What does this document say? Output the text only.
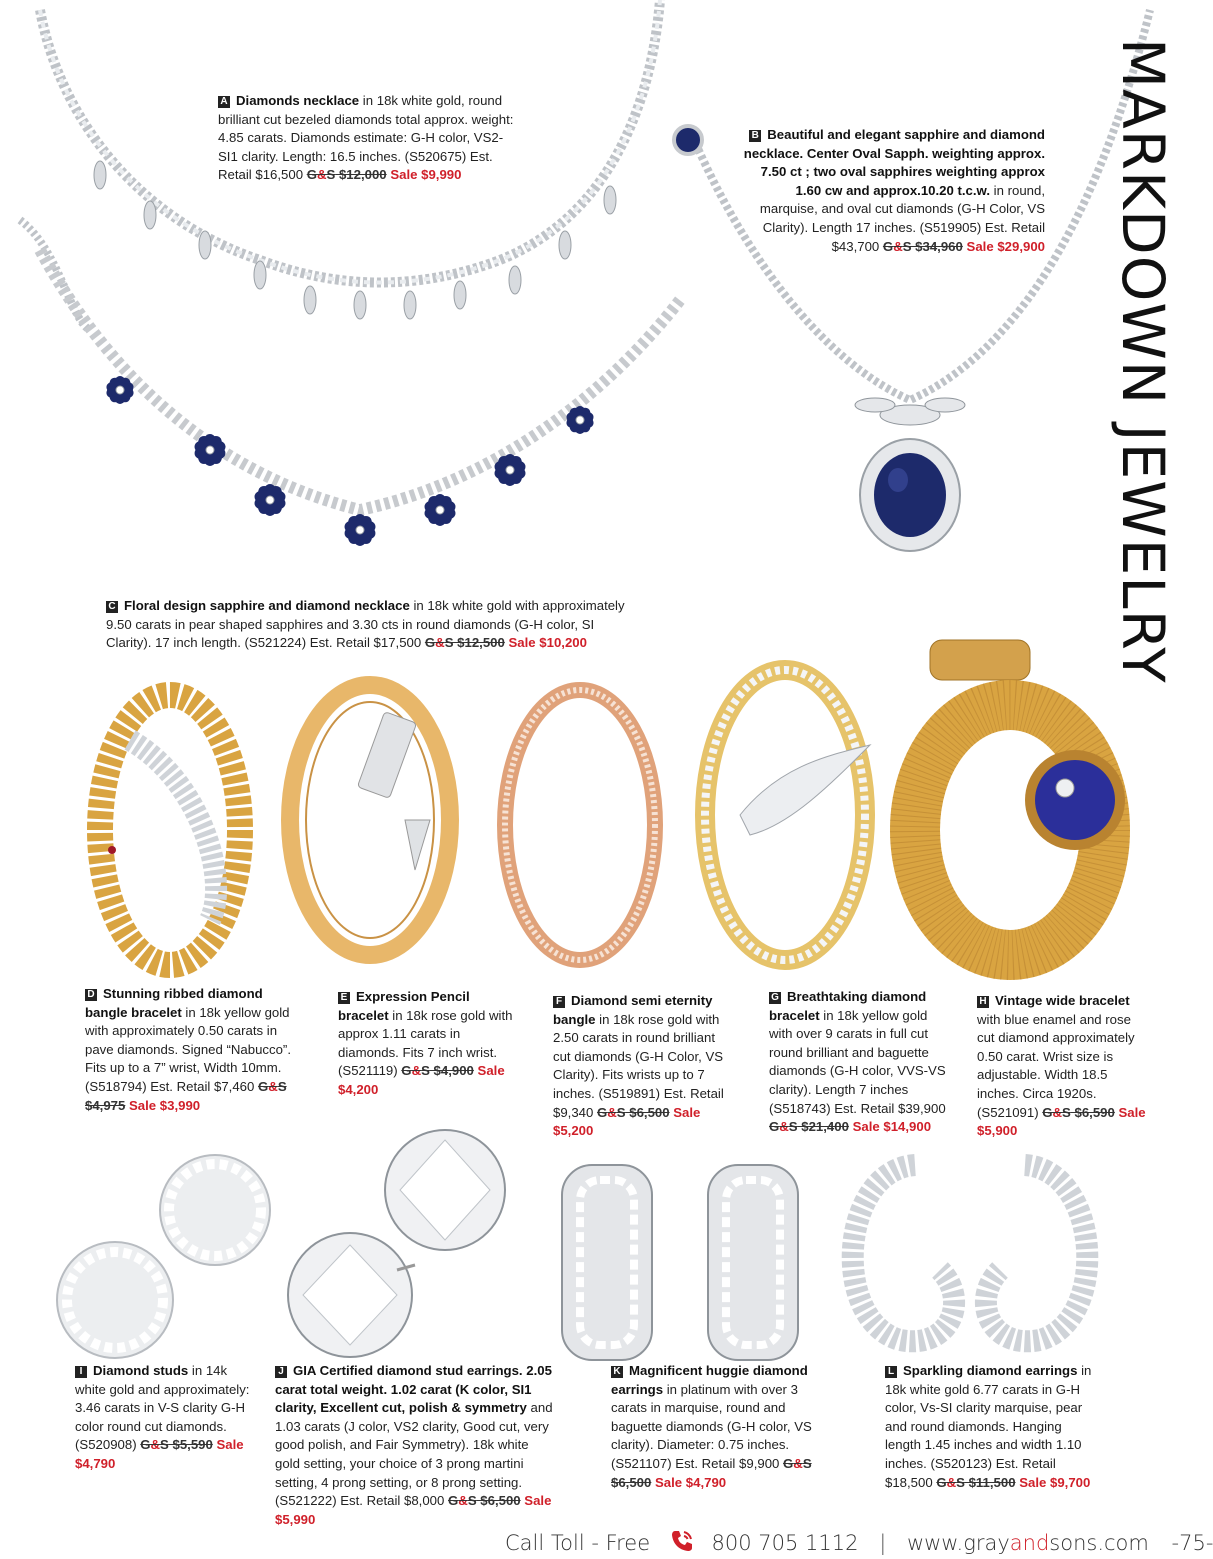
MARKDOWN JEWELRY
A Diamonds necklace in 18k white gold, round brilliant cut bezeled diamonds total approx. weight: 4.85 carats. Diamonds estimate: G-H color, VS2-SI1 clarity. Length: 16.5 inches. (S520675) Est. Retail $16,500 G&S $12,000 Sale $9,990
B Beautiful and elegant sapphire and diamond necklace. Center Oval Sapph. weighting approx. 7.50 ct ; two oval sapphires weighting approx 1.60 cw and approx.10.20 t.c.w. in round, marquise, and oval cut diamonds (G-H Color, VS Clarity). Length 17 inches. (S519905) Est. Retail $43,700 G&S $34,960 Sale $29,900
C Floral design sapphire and diamond necklace in 18k white gold with approximately 9.50 carats in pear shaped sapphires and 3.30 cts in round diamonds (G-H color, SI Clarity). 17 inch length. (S521224) Est. Retail $17,500 G&S $12,500 Sale $10,200
D Stunning ribbed diamond bangle bracelet in 18k yellow gold with approximately 0.50 carats in pave diamonds. Signed “Nabucco”. Fits up to a 7” wrist, Width 10mm. (S518794) Est. Retail $7,460 G&S $4,975 Sale $3,990
E Expression Pencil bracelet in 18k rose gold with approx 1.11 carats in diamonds. Fits 7 inch wrist. (S521119) G&S $4,900 Sale $4,200
F Diamond semi eternity bangle in 18k rose gold with 2.50 carats in round brilliant cut diamonds (G-H Color, VS Clarity). Fits wrists up to 7 inches. (S519891) Est. Retail $9,340 G&S $6,500 Sale $5,200
G Breathtaking diamond bracelet in 18k yellow gold with over 9 carats in full cut round brilliant and baguette diamonds (G-H color, VVS-VS clarity). Length 7 inches (S518743) Est. Retail $39,900 G&S $21,400 Sale $14,900
H Vintage wide bracelet with blue enamel and rose cut diamond approximately 0.50 carat. Wrist size is adjustable. Width 18.5 inches. Circa 1920s. (S521091) G&S $6,590 Sale $5,900
I Diamond studs in 14k white gold and approximately: 3.46 carats in V-S clarity G-H color round cut diamonds. (S520908) G&S $5,590 Sale $4,790
J GIA Certified diamond stud earrings. 2.05 carat total weight. 1.02 carat (K color, SI1 clarity, Excellent cut, polish & symmetry and 1.03 carats (J color, VS2 clarity, Good cut, very good polish, and Fair Symmetry). 18k white gold setting, your choice of 3 prong martini setting, 4 prong setting, or 8 prong setting. (S521222) Est. Retail $8,000 G&S $6,500 Sale $5,990
K Magnificent huggie diamond earrings in platinum with over 3 carats in marquise, round and baguette diamonds (G-H color, VS clarity). Diameter: 0.75 inches. (S521107) Est. Retail $9,900 G&S $6,500 Sale $4,790
L Sparkling diamond earrings in 18k white gold 6.77 carats in G-H color, Vs-SI clarity marquise, pear and round diamonds. Hanging length 1.45 inches and width 1.10 inches. (S520123) Est. Retail $18,500 G&S $11,500 Sale $9,700
Call Toll - Free	800 705 1112 | www.grayandsons.com -75-
